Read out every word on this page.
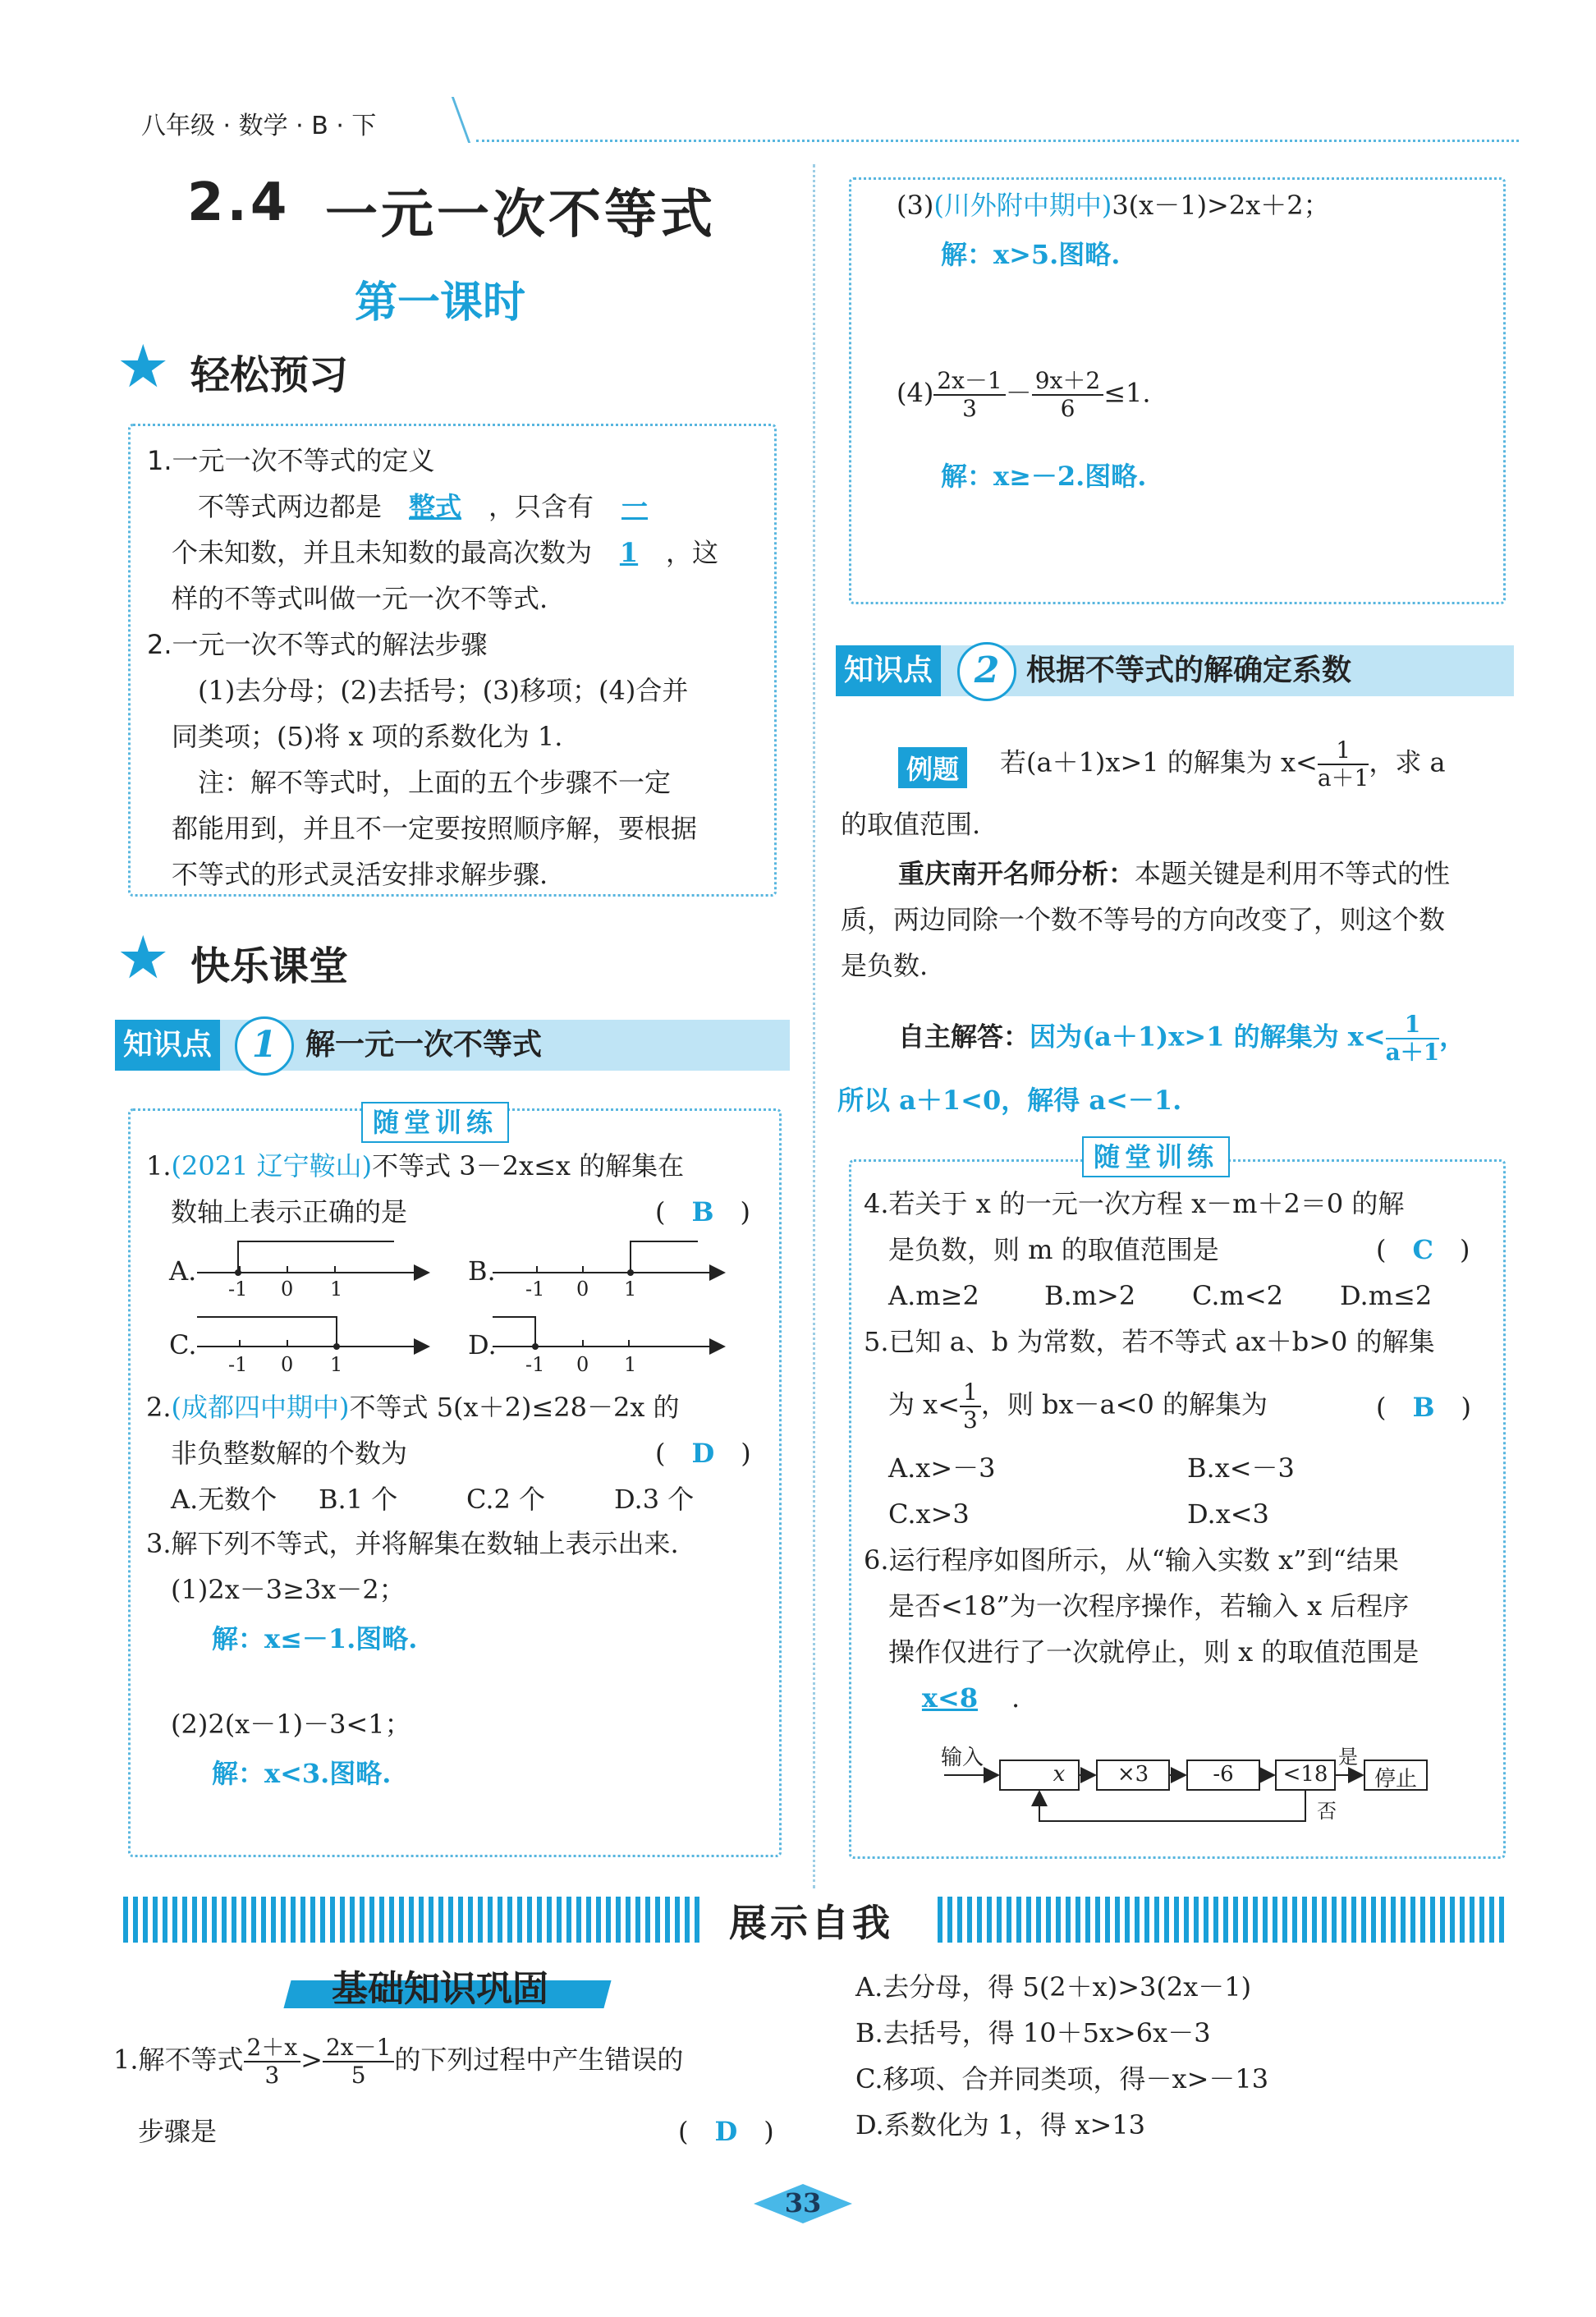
八年级 · 数学 · B · 下
2.4 一元一次不等式
第一课时
★ 轻松预习

1.一元一次不等式的定义

不等式两边都是 整式 ，只含有 一

个未知数，并且未知数的最高次数为 1 ，这

样的不等式叫做一元一次不等式.

2.一元一次不等式的解法步骤

(1)去分母；(2)去括号；(3)移项；(4)合并

同类项；(5)将 x 项的系数化为 1.

注：解不等式时，上面的五个步骤不一定

都能用到，并且不一定要按照顺序解，要根据

不等式的形式灵活安排求解步骤.

★ 快乐课堂
知识点	1 解一元一次不等式
随堂训练

1.(2021 辽宁鞍山)不等式 3－2x≤x 的解集在

数轴上表示正确的是	(　B　)
A.	B.
C.	D.
-1 0 1	-1 0 1
-1 0 1	-1 0 1

2.(成都四中期中)不等式 5(x＋2)≤28－2x 的

非负整数解的个数为

A.无数个 B.1 个	C.2 个	D.3 个

(　D　)
3.解下列不等式，并将解集在数轴上表示出来.
(1)2x－3≥3x－2；
解：x≤－1.图略.
(2)2(x－1)－3<1；
解：x<3.图略.
(3)(川外附中期中)3(x－1)>2x＋2；
解：x>5.图略.
$(4) \frac{2x-1}{3} - \frac{9x+2}{6} \le 1$.
解：x≥－2.图略.
知识点	2 根据不等式的解确定系数
例题	若(a＋1)x>1 的解集为 $x< \frac{1}{a+1}$ ，求 a
的取值范围.
重庆南开名师分析：本题关键是利用不等式的性
质，两边同除一个数不等号的方向改变了，则这个数
是负数.
自主解答：因为(a＋1)x>1 的解集为 $x< \frac{1}{a+1}$ ，
所以 a＋1<0，解得 a<－1.
随堂训练

4.若关于 x 的一元一次方程 x－m＋2＝0 的解

是负数，则 m 的取值范围是

A.m≥2 B.m>2 C.m<2 D.m≤2

5.已知 a、b 为常数，若不等式 ax＋b>0 的解集

(　C　)
为 $x< \frac{1}{3}$ ，则 bx－a<0 的解集为	(　B　)

A.x>－3	B.x<－3

C.x>3	D.x<3

6.运行程序如图所示，从“输入实数 x”到“结果

是否<18”为一次程序操作，若输入 x 后程序

操作仅进行了一次就停止，则 x 的取值范围是

x<8 .

输入
x	×3	-6	<18
是
否
停止
展示自我
基础知识巩固
1.解不等式 $\frac{2+x}{3} > \frac{2x-1}{5}$ 的下列过程中产生错误的
步骤是	(　D　)

A.去分母，得 5(2＋x)>3(2x－1)

B.去括号，得 10＋5x>6x－3

C.移项、合并同类项，得－x>－13

D.系数化为 1，得 x>13

33
